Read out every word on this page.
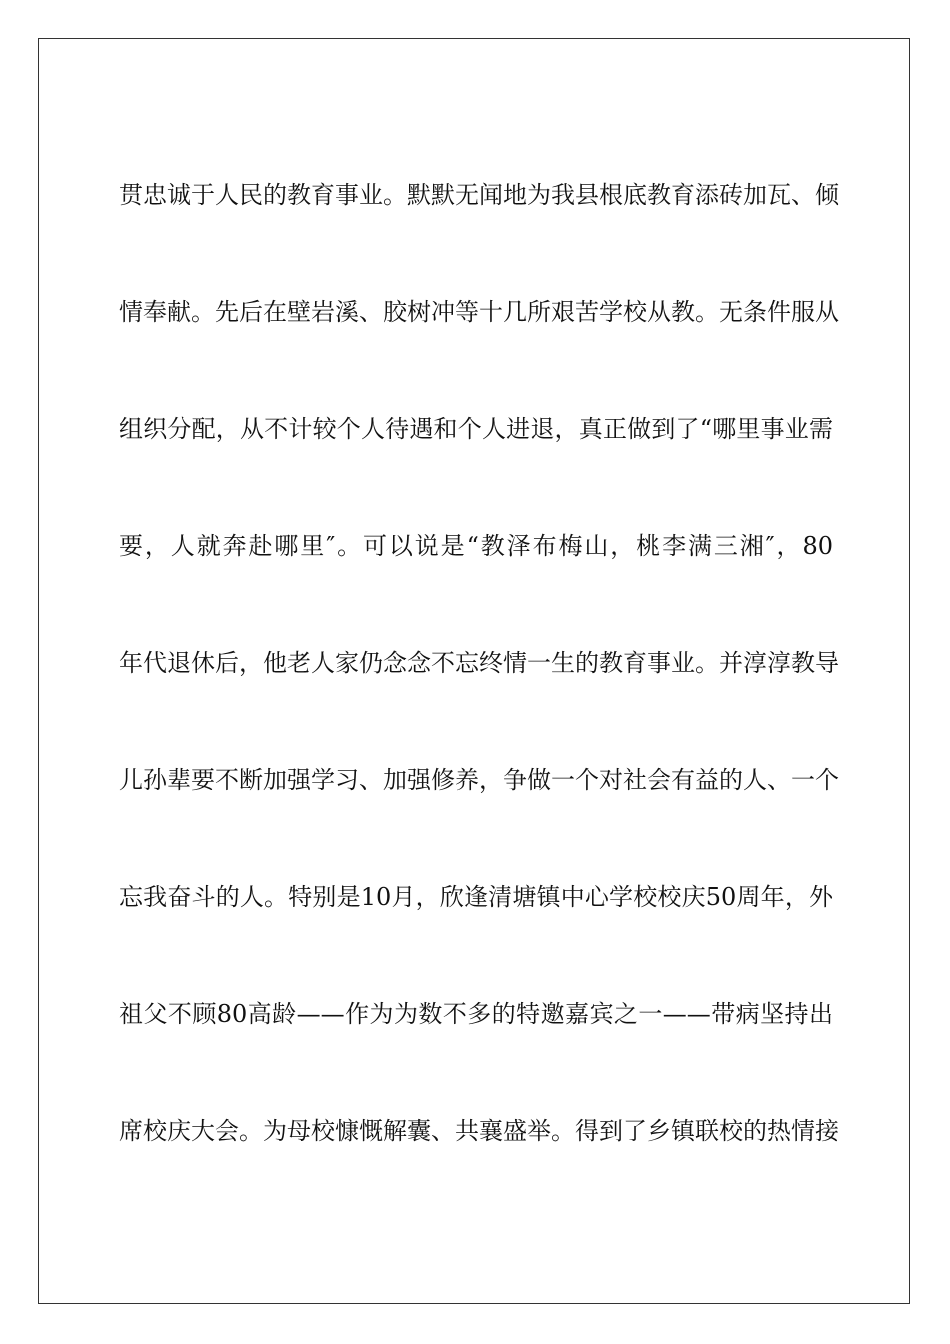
贯忠诚于人民的教育事业。默默无闻地为我县根底教育添砖加瓦、倾
情奉献。先后在壁岩溪、胶树冲等十几所艰苦学校从教。无条件服从
组织分配，从不计较个人待遇和个人进退，真正做到了“哪里事业需
要，人就奔赴哪里″。可以说是“教泽布梅山，桃李满三湘″，80
年代退休后，他老人家仍念念不忘终情一生的教育事业。并淳淳教导
儿孙辈要不断加强学习、加强修养，争做一个对社会有益的人、一个
忘我奋斗的人。特别是10月，欣逢清塘镇中心学校校庆50周年，外
祖父不顾80高龄——作为为数不多的特邀嘉宾之一——带病坚持出
席校庆大会。为母校慷慨解囊、共襄盛举。得到了乡镇联校的热情接
